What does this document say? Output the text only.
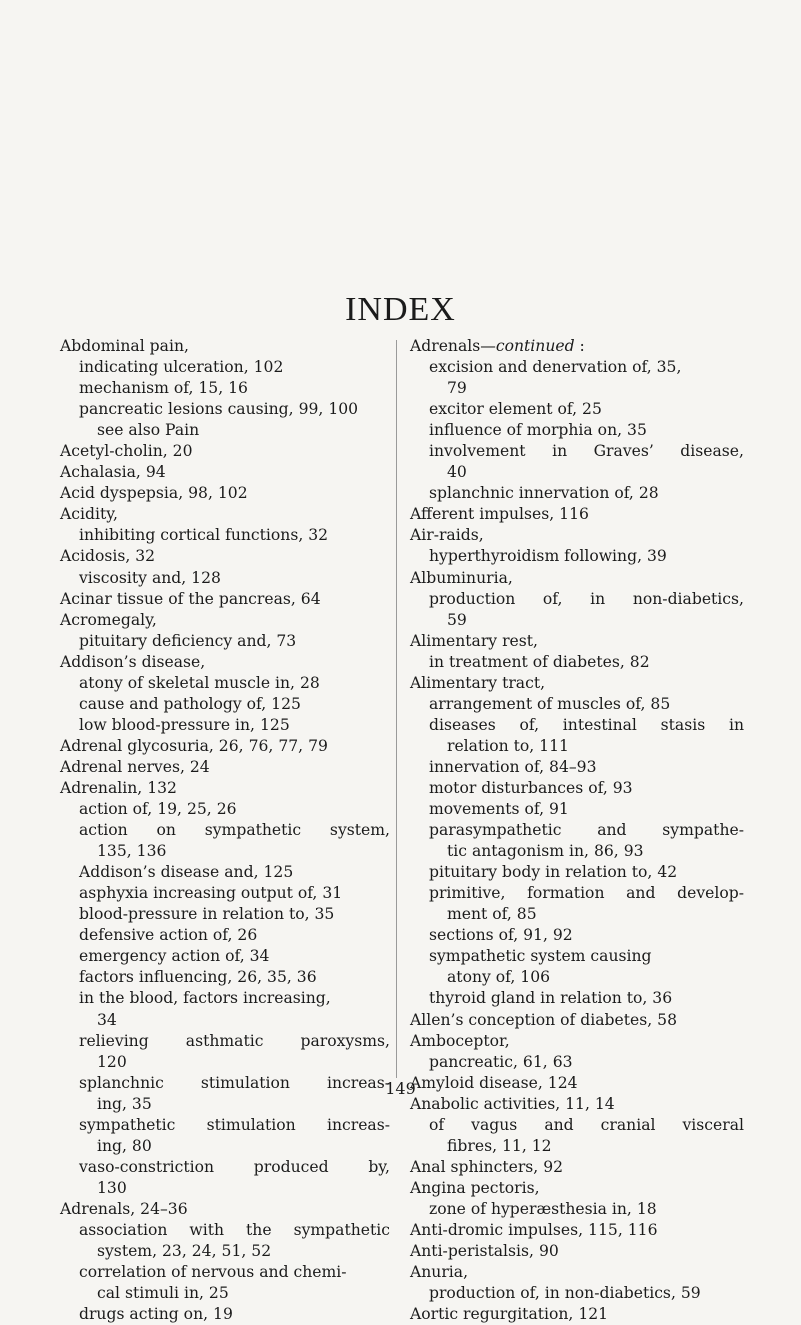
INDEX
Abdominal pain,
indicating ulceration, 102
mechanism of, 15, 16
pancreatic lesions causing, 99, 100
see also Pain
Acetyl-cholin, 20
Achalasia, 94
Acid dyspepsia, 98, 102
Acidity,
inhibiting cortical functions, 32
Acidosis, 32
viscosity and, 128
Acinar tissue of the pancreas, 64
Acromegaly,
pituitary deficiency and, 73
Addison’s disease,
atony of skeletal muscle in, 28
cause and pathology of, 125
low blood-pressure in, 125
Adrenal glycosuria, 26, 76, 77, 79
Adrenal nerves, 24
Adrenalin, 132
action of, 19, 25, 26
action on sympathetic system,
135, 136
Addison’s disease and, 125
asphyxia increasing output of, 31
blood-pressure in relation to, 35
defensive action of, 26
emergency action of, 34
factors influencing, 26, 35, 36
in the blood, factors increasing,
34
relieving asthmatic paroxysms,
120
splanchnic stimulation increas-
ing, 35
sympathetic stimulation increas-
ing, 80
vaso-constriction produced by,
130
Adrenals, 24–36
association with the sympathetic
system, 23, 24, 51, 52
correlation of nervous and chemi-
cal stimuli in, 25
drugs acting on, 19
Adrenals—continued :
excision and denervation of, 35,
79
excitor element of, 25
influence of morphia on, 35
involvement in Graves’ disease,
40
splanchnic innervation of, 28
Afferent impulses, 116
Air-raids,
hyperthyroidism following, 39
Albuminuria,
production of, in non-diabetics,
59
Alimentary rest,
in treatment of diabetes, 82
Alimentary tract,
arrangement of muscles of, 85
diseases of, intestinal stasis in
relation to, 111
innervation of, 84–93
motor disturbances of, 93
movements of, 91
parasympathetic and sympathe-
tic antagonism in, 86, 93
pituitary body in relation to, 42
primitive, formation and develop-
ment of, 85
sections of, 91, 92
sympathetic system causing
atony of, 106
thyroid gland in relation to, 36
Allen’s conception of diabetes, 58
Amboceptor,
pancreatic, 61, 63
Amyloid disease, 124
Anabolic activities, 11, 14
of vagus and cranial visceral
fibres, 11, 12
Anal sphincters, 92
Angina pectoris,
zone of hyperæsthesia in, 18
Anti-dromic impulses, 115, 116
Anti-peristalsis, 90
Anuria,
production of, in non-diabetics, 59
Aortic regurgitation, 121
149
